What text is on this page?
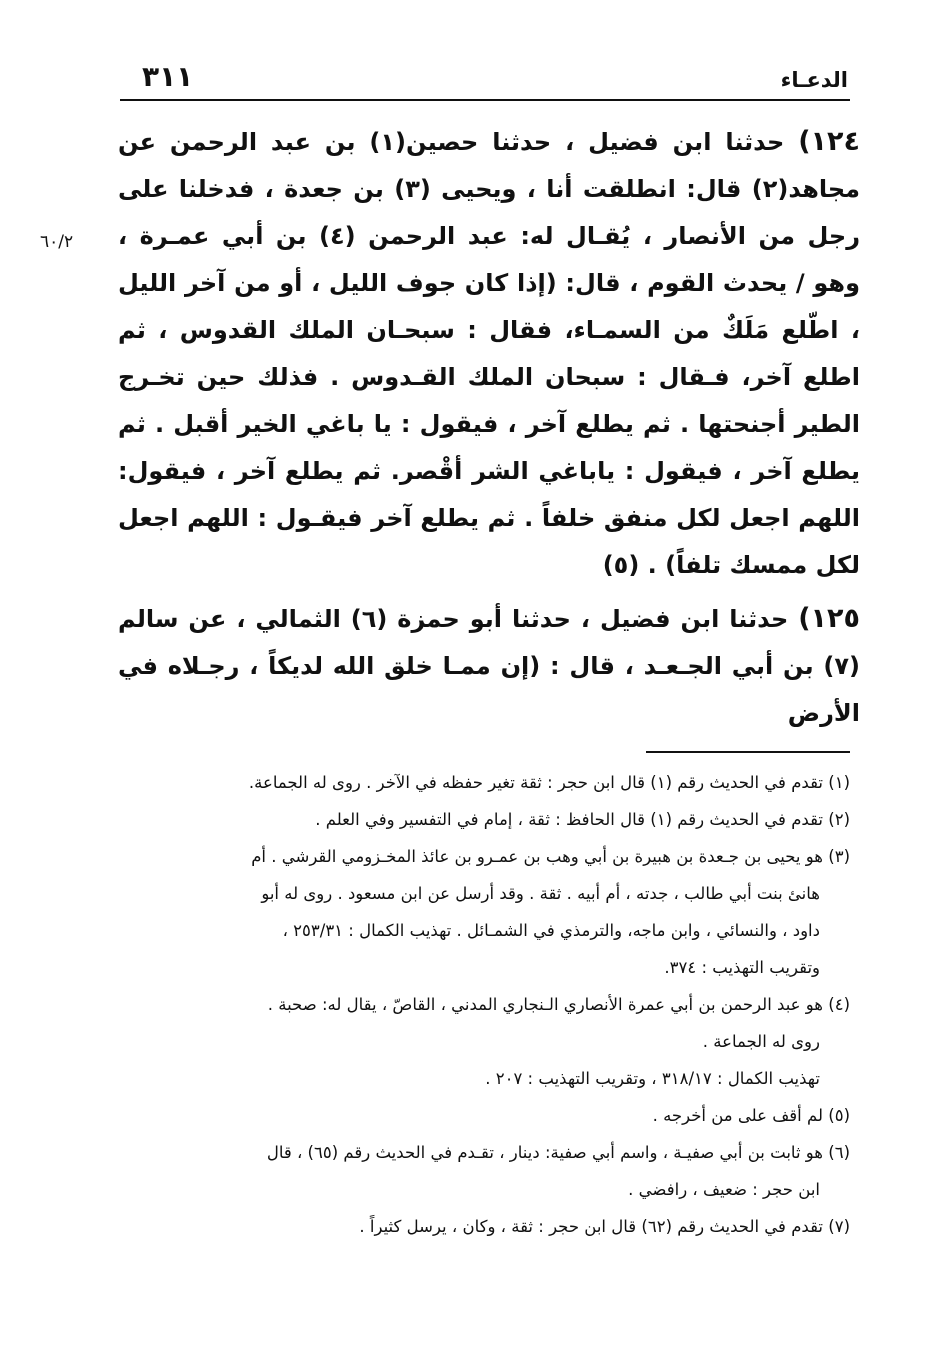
الدعـاء
٣١١
٦٠/٢

١٢٤) حدثنا ابن فضيل ، حدثنا حصين(١) بن عبد الرحمن عن مجاهد(٢) قال: انطلقت أنا ، ويحيى (٣) بن جعدة ، فدخلنا على رجل من الأنصار ، يُقـال له: عبد الرحمن (٤) بن أبي عمـرة ، وهو / يحدث القوم ، قال: (إذا كان جوف الليل ، أو من آخر الليل ، اطّلع مَلَكٌ من السمـاء، فقال : سبحـان الملك القدوس ، ثم اطلع آخر، فـقال : سبحان الملك القـدوس . فذلك حين تخـرج الطير أجنحتها . ثم يطلع آخر ، فيقول : يا باغي الخير أقبل . ثم يطلع آخر ، فيقول : ياباغي الشر أقْصر. ثم يطلع آخر ، فيقول: اللهم اجعل لكل منفق خلفاً . ثم يطلع آخر فيقـول : اللهم اجعل لكل ممسك تلفاً) . (٥)

١٢٥) حدثنا ابن فضيل ، حدثنا أبو حمزة (٦) الثمالي ، عن سالم (٧) بن أبي الجـعـد ، قال : (إن ممـا خلق الله لديكاً ، رجـلاه في الأرض

(١) تقدم في الحديث رقم (١) قال ابن حجر : ثقة تغير حفظه في الآخر . روى له الجماعة.

(٢) تقدم في الحديث رقم (١) قال الحافظ : ثقة ، إمام في التفسير وفي العلم .

(٣) هو يحيى بن جـعدة بن هبيرة بن أبي وهب بن عمـرو بن عائذ المخـزومي القرشي . أم

هانئ بنت أبي طالب ، جدته ، أم أبيه . ثقة . وقد أرسل عن ابن مسعود . روى له أبو

داود ، والنسائي ، وابن ماجه، والترمذي في الشمـائل . تهذيب الكمال : ٢٥٣/٣١ ،

وتقريب التهذيب : ٣٧٤.

(٤) هو عبد الرحمن بن أبي عمرة الأنصاري الـنجاري المدني ، القاصّ ، يقال له: صحبة .

روى له الجماعة .

تهذيب الكمال : ٣١٨/١٧ ، وتقريب التهذيب : ٢٠٧ .

(٥) لم أقف على من أخرجه .

(٦) هو ثابت بن أبي صفيـة ، واسم أبي صفية: دينار ، تقـدم في الحديث رقم (٦٥) ، قال

ابن حجر : ضعيف ، رافضي .

(٧) تقدم في الحديث رقم (٦٢) قال ابن حجر : ثقة ، وكان ، يرسل كثيراً .
